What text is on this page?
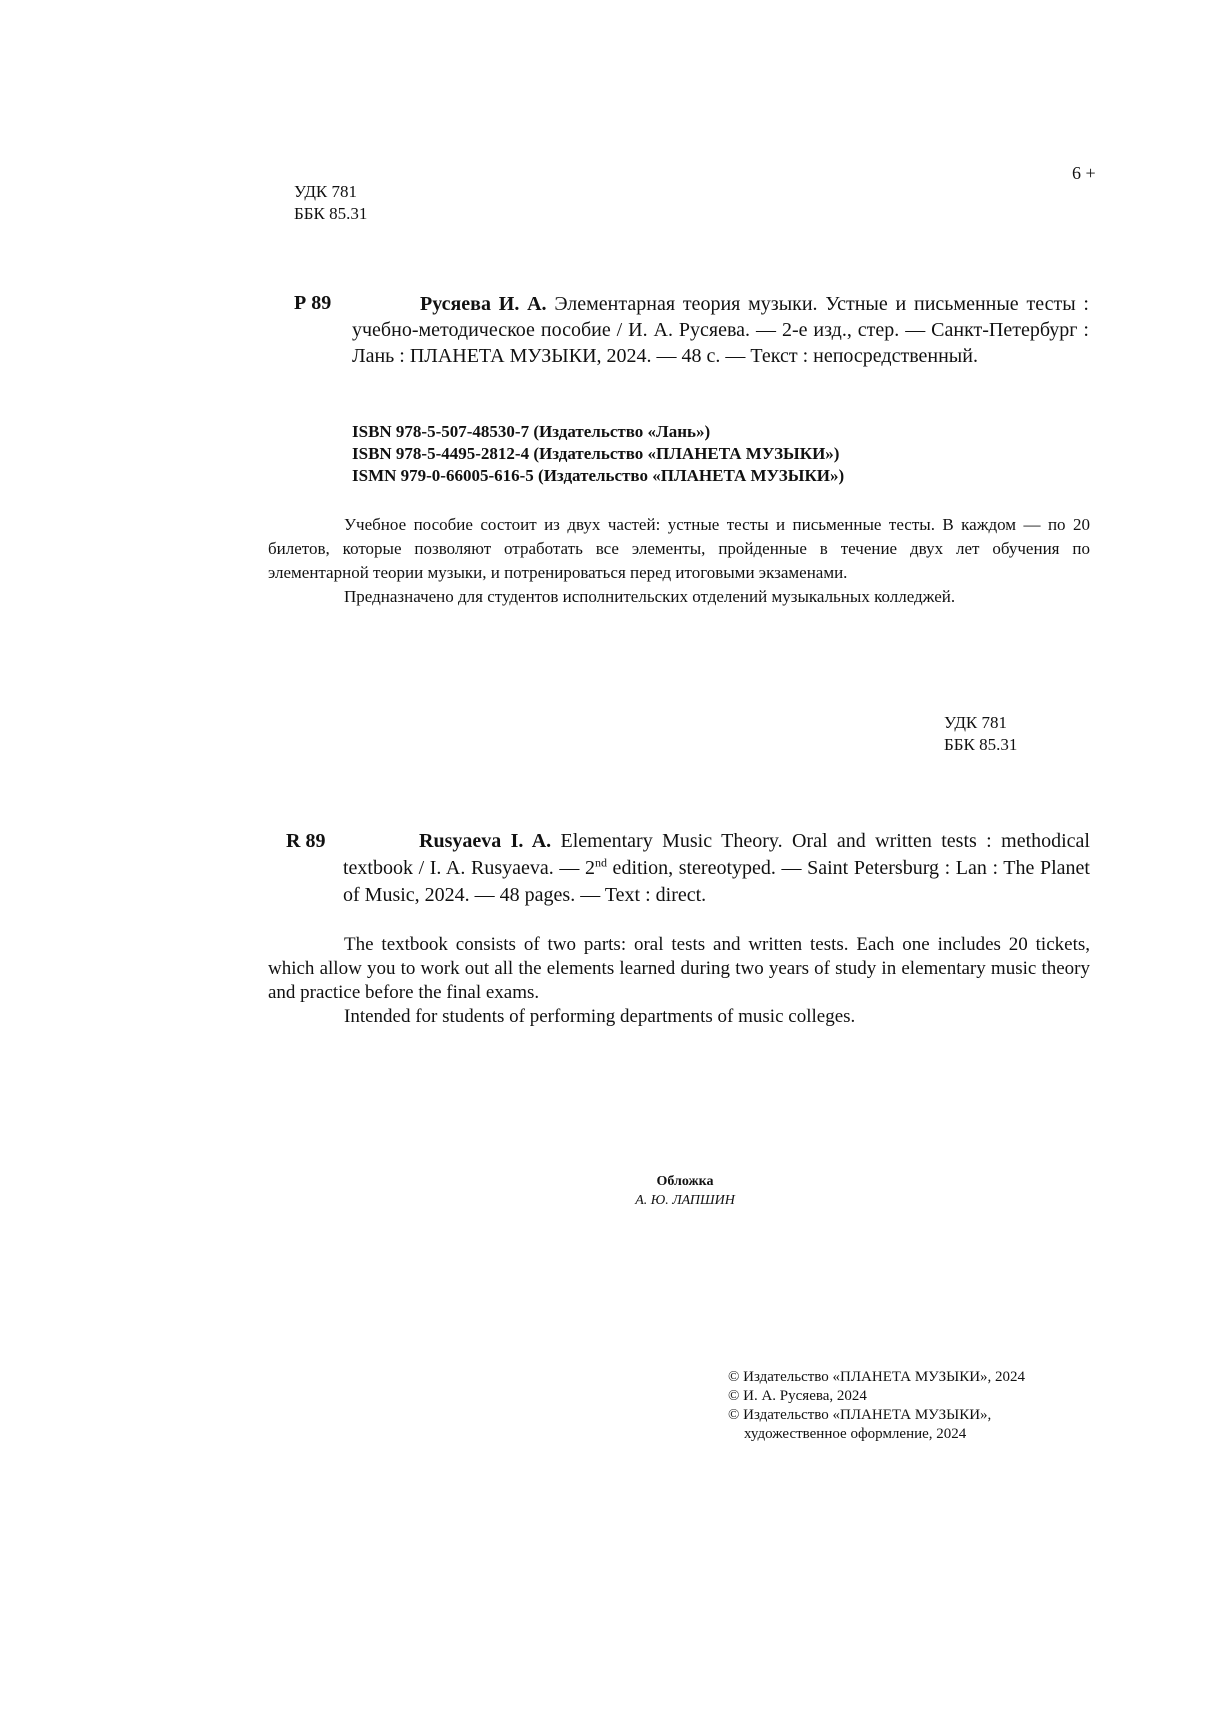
6 +
УДК 781
ББК 85.31
Р 89	Русяева И. А. Элементарная теория музыки. Устные и письменные тесты : учебно-методическое пособие / И. А. Русяева. — 2-е изд., стер. — Санкт-Петербург : Лань : ПЛАНЕТА МУЗЫКИ, 2024. — 48 с. — Текст : непосредственный.
ISBN 978-5-507-48530-7 (Издательство «Лань»)
ISBN 978-5-4495-2812-4 (Издательство «ПЛАНЕТА МУЗЫКИ»)
ISMN 979-0-66005-616-5 (Издательство «ПЛАНЕТА МУЗЫКИ»)

Учебное пособие состоит из двух частей: устные тесты и письменные тесты. В каждом — по 20 билетов, которые позволяют отработать все элементы, пройденные в течение двух лет обучения по элементарной теории музыки, и потренироваться перед итоговыми экзаменами.

Предназначено для студентов исполнительских отделений музыкальных колледжей.

УДК 781
ББК 85.31
R 89	Rusyaeva I. A. Elementary Music Theory. Oral and written tests : methodical textbook / I. A. Rusyaeva. — 2nd edition, stereotyped. — Saint Petersburg : Lan : The Planet of Music, 2024. — 48 pages. — Text : direct.

The textbook consists of two parts: oral tests and written tests. Each one includes 20 tickets, which allow you to work out all the elements learned during two years of study in elementary music theory and practice before the final exams.

Intended for students of performing departments of music colleges.

Обложка
А. Ю. ЛАПШИН
© Издательство «ПЛАНЕТА МУЗЫКИ», 2024
© И. А. Русяева, 2024
© Издательство «ПЛАНЕТА МУЗЫКИ»,
художественное оформление, 2024
